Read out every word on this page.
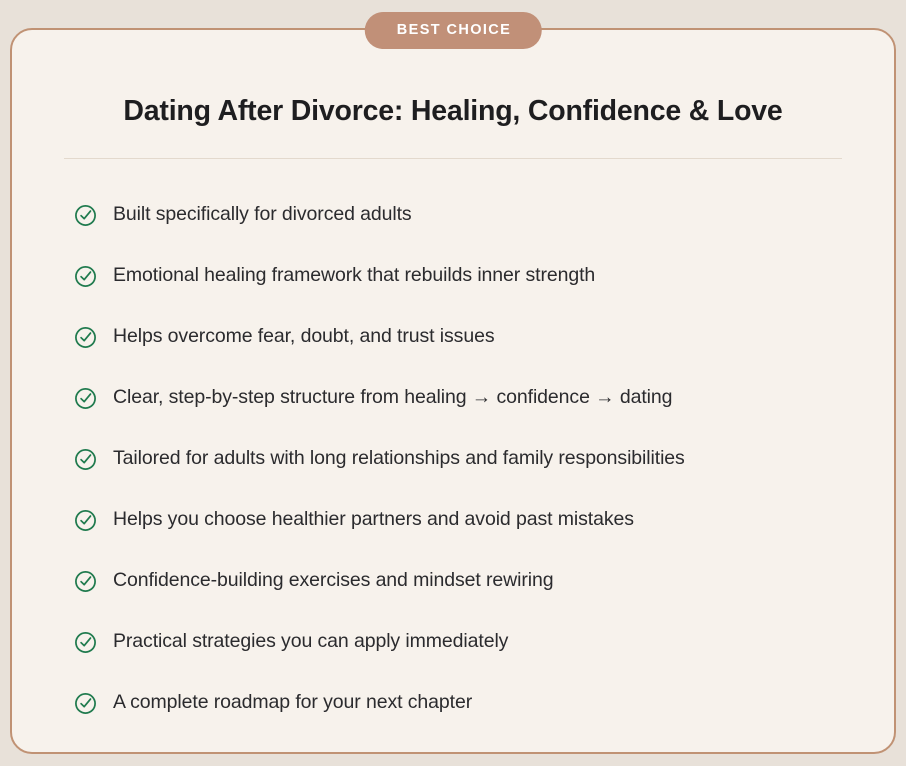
BEST CHOICE
Dating After Divorce: Healing, Confidence & Love
Built specifically for divorced adults
Emotional healing framework that rebuilds inner strength
Helps overcome fear, doubt, and trust issues
Clear, step-by-step structure from healing → confidence → dating
Tailored for adults with long relationships and family responsibilities
Helps you choose healthier partners and avoid past mistakes
Confidence-building exercises and mindset rewiring
Practical strategies you can apply immediately
A complete roadmap for your next chapter
